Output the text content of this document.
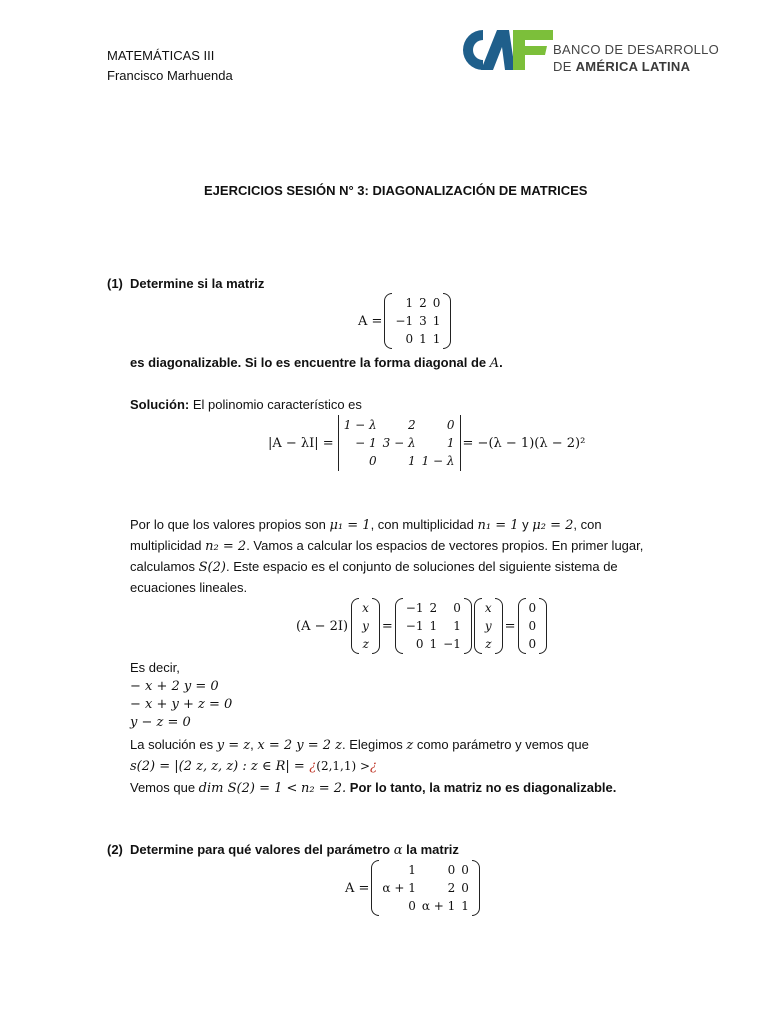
MATEMÁTICAS III
Francisco Marhuenda
BANCO DE DESARROLLO
DE AMÉRICA LATINA
EJERCICIOS SESIÓN N° 3: DIAGONALIZACIÓN DE MATRICES
(1) Determine si la matriz
A =
1	2	0
−1	3	1
0	1	1
es diagonalizable. Si lo es encuentre la forma diagonal de A.
Solución: El polinomio característico es
|A − λI| =
1 − λ	2	0
− 1	3 − λ	1
0	1	1 − λ
= −(λ − 1)(λ − 2)²
Por lo que los valores propios son μ₁ = 1, con multiplicidad n₁ = 1 y μ₂ = 2, con
multiplicidad n₂ = 2. Vamos a calcular los espacios de vectores propios. En primer lugar,
calculamos S(2). Este espacio es el conjunto de soluciones del siguiente sistema de
ecuaciones lineales.
(A − 2I)
x
y
z
=
−1	2	0
−1	1	1
0	1	−1
x
y
z
=
0
0
0
Es decir,
− x + 2 y = 0
− x + y + z = 0
y − z = 0
La solución es y = z, x = 2 y = 2 z. Elegimos z como parámetro y vemos que
s(2) = |(2 z, z, z) : z ∈ R| = ¿(2,1,1) >¿
Vemos que dim S(2) = 1 < n₂ = 2. Por lo tanto, la matriz no es diagonalizable.
(2) Determine para qué valores del parámetro α la matriz
A =
1	0	0
α + 1	2	0
0	α + 1	1
